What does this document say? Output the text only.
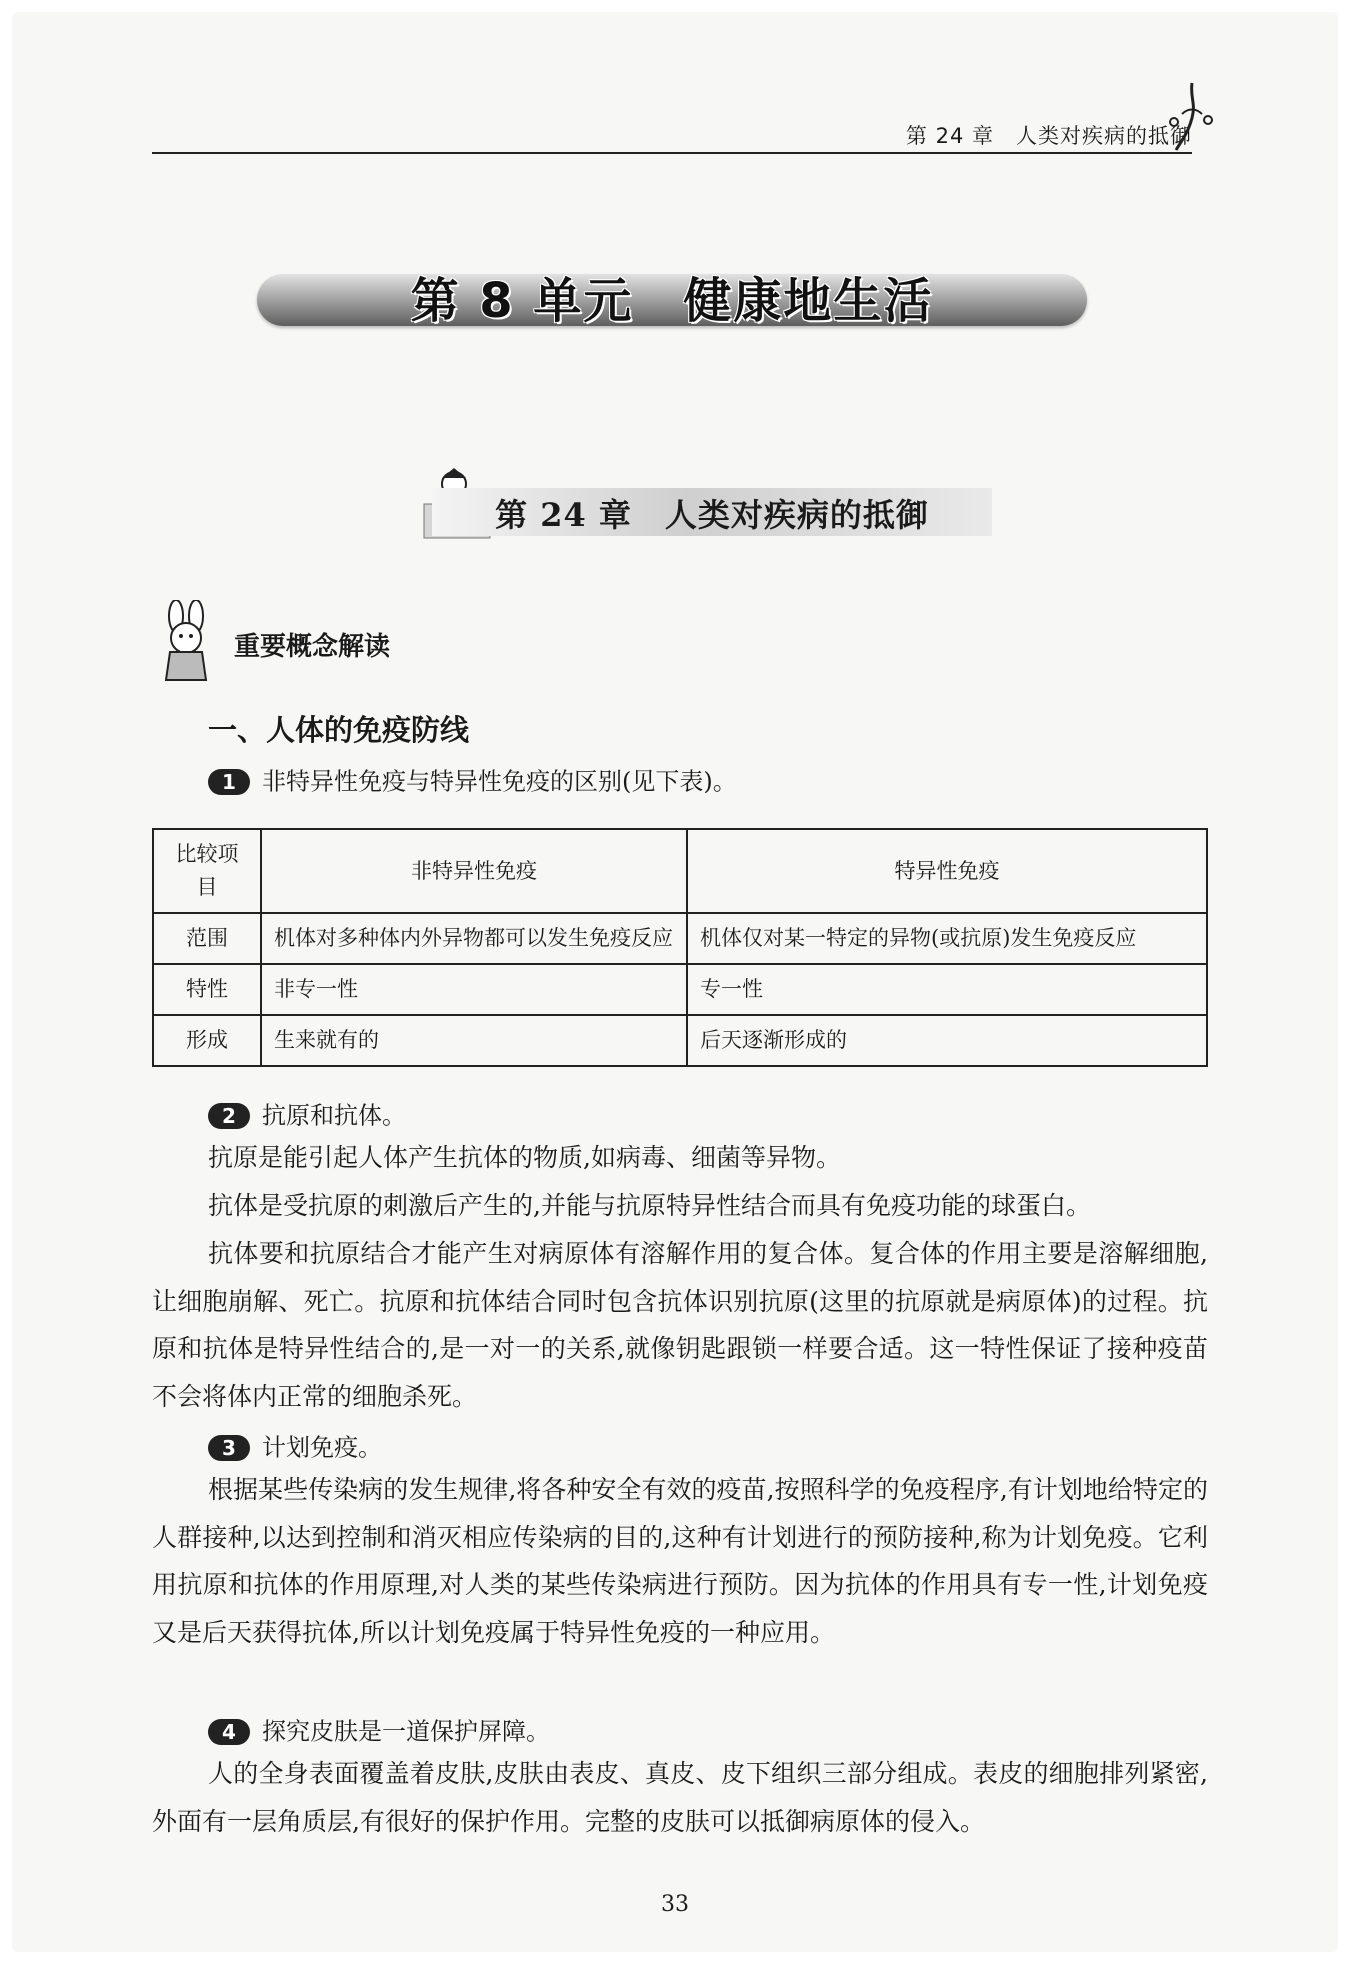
第 24 章　人类对疾病的抵御
第 8 单元　健康地生活
第 24 章　人类对疾病的抵御
重要概念解读
一、人体的免疫防线
1 非特异性免疫与特异性免疫的区别(见下表)。
比较项目	非特异性免疫	特异性免疫
范围	机体对多种体内外异物都可以发生免疫反应	机体仅对某一特定的异物(或抗原)发生免疫反应
特性	非专一性	专一性
形成	生来就有的	后天逐渐形成的
2 抗原和抗体。
抗原是能引起人体产生抗体的物质,如病毒、细菌等异物。
抗体是受抗原的刺激后产生的,并能与抗原特异性结合而具有免疫功能的球蛋白。
抗体要和抗原结合才能产生对病原体有溶解作用的复合体。复合体的作用主要是溶解细胞,让细胞崩解、死亡。抗原和抗体结合同时包含抗体识别抗原(这里的抗原就是病原体)的过程。抗原和抗体是特异性结合的,是一对一的关系,就像钥匙跟锁一样要合适。这一特性保证了接种疫苗不会将体内正常的细胞杀死。
3 计划免疫。
根据某些传染病的发生规律,将各种安全有效的疫苗,按照科学的免疫程序,有计划地给特定的人群接种,以达到控制和消灭相应传染病的目的,这种有计划进行的预防接种,称为计划免疫。它利用抗原和抗体的作用原理,对人类的某些传染病进行预防。因为抗体的作用具有专一性,计划免疫又是后天获得抗体,所以计划免疫属于特异性免疫的一种应用。
4 探究皮肤是一道保护屏障。
人的全身表面覆盖着皮肤,皮肤由表皮、真皮、皮下组织三部分组成。表皮的细胞排列紧密,外面有一层角质层,有很好的保护作用。完整的皮肤可以抵御病原体的侵入。
33
